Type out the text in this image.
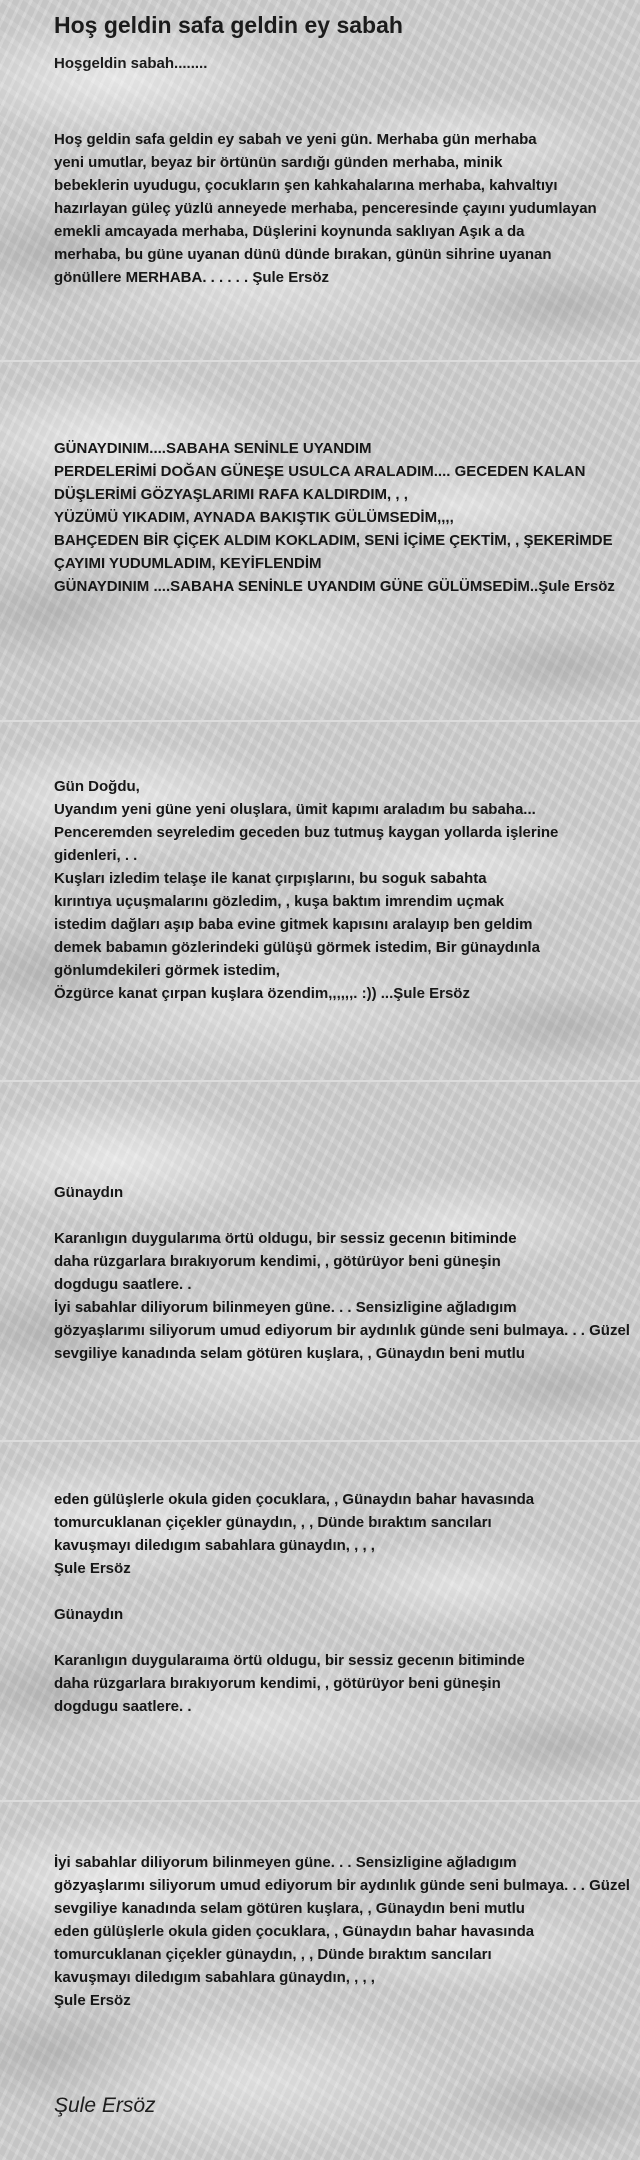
Hoş geldin safa geldin ey sabah

Hoşgeldin sabah........

Hoş geldin safa geldin ey sabah ve yeni gün. Merhaba gün merhaba
yeni umutlar, beyaz bir örtünün sardığı günden merhaba, minik
bebeklerin uyudugu, çocukların şen kahkahalarına merhaba, kahvaltıyı
hazırlayan güleç yüzlü anneyede merhaba, penceresinde çayını yudumlayan
emekli amcayada merhaba, Düşlerini koynunda saklıyan Aşık a da
merhaba, bu güne uyanan dünü dünde bırakan, günün sihrine uyanan
gönüllere MERHABA. . . . . . Şule Ersöz
GÜNAYDINIM....SABAHA SENİNLE UYANDIM
PERDELERİMİ DOĞAN GÜNEŞE USULCA ARALADIM.... GECEDEN KALAN
DÜŞLERİMİ GÖZYAŞLARIMI RAFA KALDIRDIM, , ,
YÜZÜMÜ YIKADIM, AYNADA BAKIŞTIK GÜLÜMSEDİM,,,,
BAHÇEDEN BİR ÇİÇEK ALDIM KOKLADIM, SENİ İÇİME ÇEKTİM, , ŞEKERİMDE
ÇAYIMI YUDUMLADIM, KEYİFLENDİM
GÜNAYDINIM ....SABAHA SENİNLE UYANDIM GÜNE GÜLÜMSEDİM..Şule Ersöz
Gün Doğdu,
Uyandım yeni güne yeni oluşlara, ümit kapımı araladım bu sabaha...
Penceremden seyreledim geceden buz tutmuş kaygan yollarda işlerine
gidenleri, . .
Kuşları izledim telaşe ile kanat çırpışlarını, bu soguk sabahta
kırıntıya uçuşmalarını gözledim, , kuşa baktım imrendim uçmak
istedim dağları aşıp baba evine gitmek kapısını aralayıp ben geldim
demek babamın gözlerindeki gülüşü görmek istedim, Bir günaydınla
gönlumdekileri görmek istedim,
Özgürce kanat çırpan kuşlara özendim,,,,,,. :)) ...Şule Ersöz
Günaydın
Karanlıgın duygularıma örtü oldugu, bir sessiz gecenın bitiminde
daha rüzgarlara bırakıyorum kendimi, , götürüyor beni güneşin
dogdugu saatlere. .
İyi sabahlar diliyorum bilinmeyen güne. . . Sensizligine ağladıgım
gözyaşlarımı siliyorum umud ediyorum bir aydınlık günde seni bulmaya. . . Güzel
sevgiliye kanadında selam götüren kuşlara, , Günaydın beni mutlu
eden gülüşlerle okula giden çocuklara, , Günaydın bahar havasında
tomurcuklanan çiçekler günaydın, , , Dünde bıraktım sancıları
kavuşmayı diledıgım sabahlara günaydın, , , ,
Şule Ersöz
Günaydın
Karanlıgın duygularaıma örtü oldugu, bir sessiz gecenın bitiminde
daha rüzgarlara bırakıyorum kendimi, , götürüyor beni güneşin
dogdugu saatlere. .
İyi sabahlar diliyorum bilinmeyen güne. . . Sensizligine ağladıgım
gözyaşlarımı siliyorum umud ediyorum bir aydınlık günde seni bulmaya. . . Güzel
sevgiliye kanadında selam götüren kuşlara, , Günaydın beni mutlu
eden gülüşlerle okula giden çocuklara, , Günaydın bahar havasında
tomurcuklanan çiçekler günaydın, , , Dünde bıraktım sancıları
kavuşmayı diledıgım sabahlara günaydın, , , ,
Şule Ersöz

Şule Ersöz
